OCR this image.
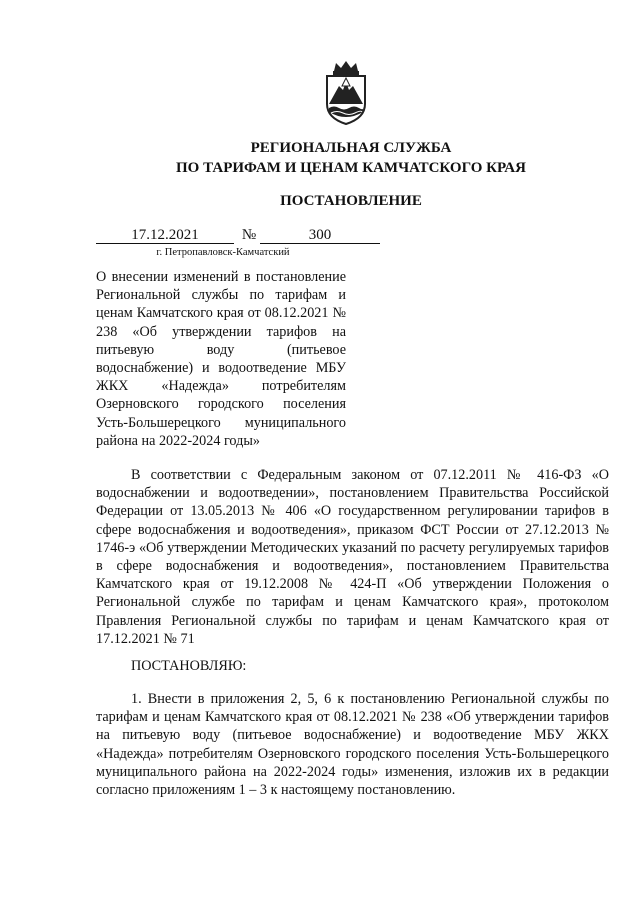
РЕГИОНАЛЬНАЯ СЛУЖБА
ПО ТАРИФАМ И ЦЕНАМ КАМЧАТСКОГО КРАЯ
ПОСТАНОВЛЕНИЕ
17.12.2021	№	300
г. Петропавловск-Камчатский
О внесении изменений в постановление Региональной службы по тарифам и ценам Камчатского края от 08.12.2021 № 238 «Об утверждении тарифов на питьевую воду (питьевое водоснабжение) и водоотведение МБУ ЖКХ «Надежда» потребителям Озерновского городского поселения Усть-Большерецкого муниципального района на 2022-2024 годы»
В соответствии с Федеральным законом от 07.12.2011 № 416-ФЗ «О водоснабжении и водоотведении», постановлением Правительства Российской Федерации от 13.05.2013 № 406 «О государственном регулировании тарифов в сфере водоснабжения и водоотведения», приказом ФСТ России от 27.12.2013 № 1746-э «Об утверждении Методических указаний по расчету регулируемых тарифов в сфере водоснабжения и водоотведения», постановлением Правительства Камчатского края от 19.12.2008 № 424-П «Об утверждении Положения о Региональной службе по тарифам и ценам Камчатского края», протоколом Правления Региональной службы по тарифам и ценам Камчатского края от 17.12.2021 № 71
ПОСТАНОВЛЯЮ:
1. Внести в приложения 2, 5, 6 к постановлению Региональной службы по тарифам и ценам Камчатского края от 08.12.2021 № 238 «Об утверждении тарифов на питьевую воду (питьевое водоснабжение) и водоотведение МБУ ЖКХ «Надежда» потребителям Озерновского городского поселения Усть-Большерецкого муниципального района на 2022-2024 годы» изменения, изложив их в редакции согласно приложениям 1 – 3 к настоящему постановлению.
